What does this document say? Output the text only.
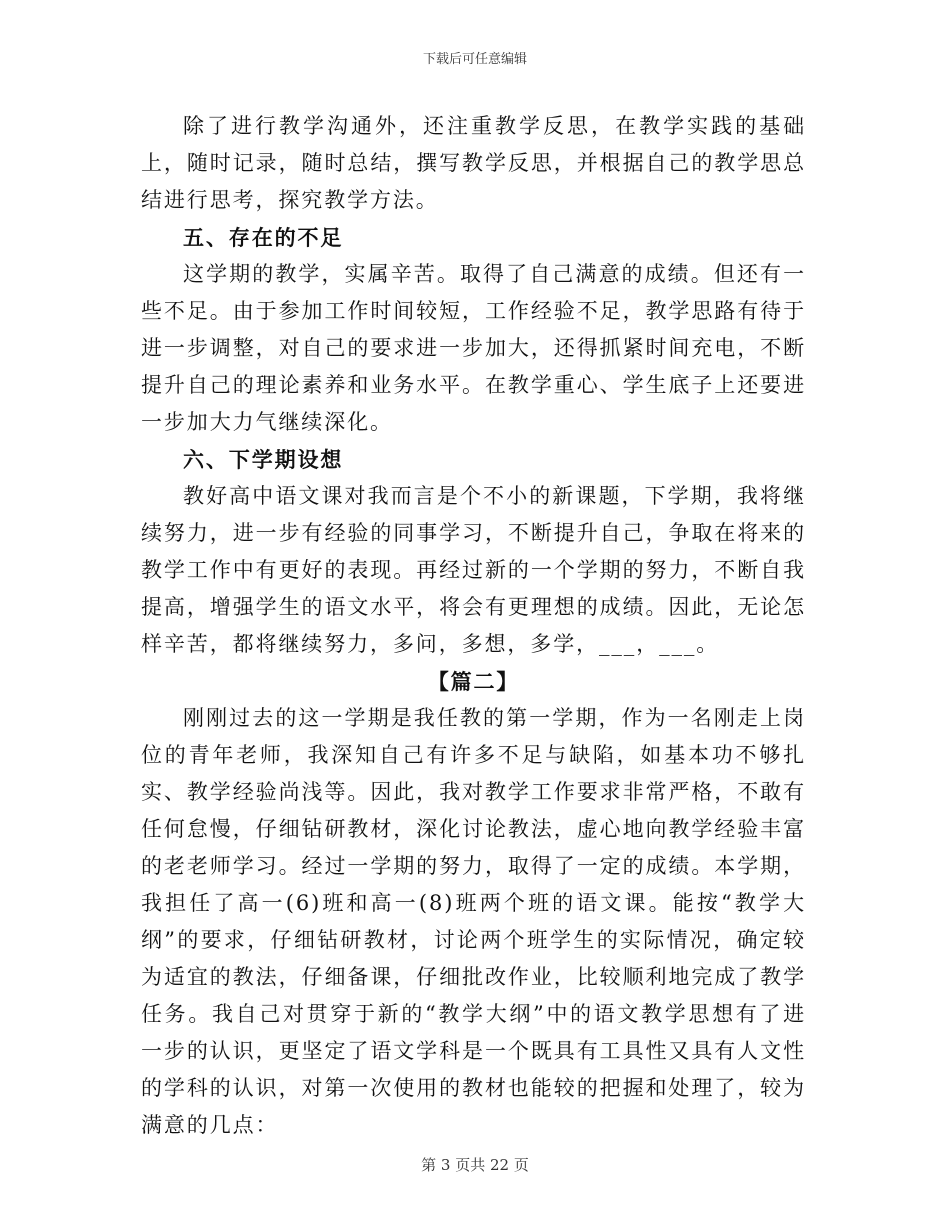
下载后可任意编辑

除了进行教学沟通外，还注重教学反思，在教学实践的基础上，随时记录，随时总结，撰写教学反思，并根据自己的教学思总结进行思考，探究教学方法。

五、存在的不足

这学期的教学，实属辛苦。取得了自己满意的成绩。但还有一些不足。由于参加工作时间较短，工作经验不足，教学思路有待于进一步调整，对自己的要求进一步加大，还得抓紧时间充电，不断提升自己的理论素养和业务水平。在教学重心、学生底子上还要进一步加大力气继续深化。

六、下学期设想

教好高中语文课对我而言是个不小的新课题，下学期，我将继续努力，进一步有经验的同事学习，不断提升自己，争取在将来的教学工作中有更好的表现。再经过新的一个学期的努力，不断自我提高，增强学生的语文水平，将会有更理想的成绩。因此，无论怎样辛苦，都将继续努力，多问，多想，多学，___，___。

【篇二】

刚刚过去的这一学期是我任教的第一学期，作为一名刚走上岗位的青年老师，我深知自己有许多不足与缺陷，如基本功不够扎实、教学经验尚浅等。因此，我对教学工作要求非常严格，不敢有任何怠慢，仔细钻研教材，深化讨论教法，虚心地向教学经验丰富的老老师学习。经过一学期的努力，取得了一定的成绩。本学期，我担任了高一(6)班和高一(8)班两个班的语文课。能按“教学大纲”的要求，仔细钻研教材，讨论两个班学生的实际情况，确定较为适宜的教法，仔细备课，仔细批改作业，比较顺利地完成了教学任务。我自己对贯穿于新的“教学大纲”中的语文教学思想有了进一步的认识，更坚定了语文学科是一个既具有工具性又具有人文性的学科的认识，对第一次使用的教材也能较的把握和处理了，较为满意的几点：

第 3 页共 22 页
